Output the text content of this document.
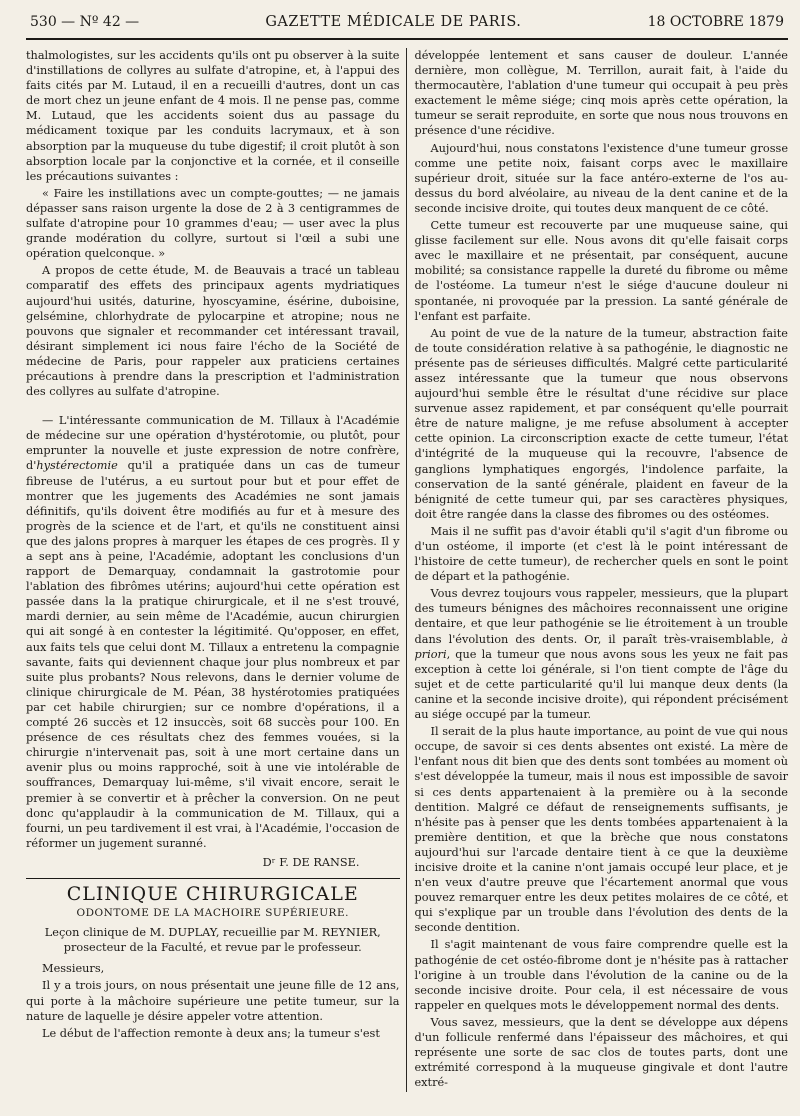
530 — Nº 42 —	GAZETTE MÉDICALE DE PARIS.	18 OCTOBRE 1879

thalmologistes, sur les accidents qu'ils ont pu observer à la suite d'instillations de collyres au sulfate d'atropine, et, à l'appui des faits cités par M. Lutaud, il en a recueilli d'autres, dont un cas de mort chez un jeune enfant de 4 mois. Il ne pense pas, comme M. Lutaud, que les accidents soient dus au passage du médicament toxique par les conduits lacrymaux, et à son absorption par la muqueuse du tube digestif; il croit plutôt à son absorption locale par la conjonctive et la cornée, et il conseille les précautions suivantes :

« Faire les instillations avec un compte-gouttes; — ne jamais dépasser sans raison urgente la dose de 2 à 3 centigrammes de sulfate d'atropine pour 10 grammes d'eau; — user avec la plus grande modération du collyre, surtout si l'œil a subi une opération quelconque. »

A propos de cette étude, M. de Beauvais a tracé un tableau comparatif des effets des principaux agents mydriatiques aujourd'hui usités, daturine, hyoscyamine, ésérine, duboisine, gelsémine, chlorhydrate de pylocarpine et atropine; nous ne pouvons que signaler et recommander cet intéressant travail, désirant simplement ici nous faire l'écho de la Société de médecine de Paris, pour rappeler aux praticiens certaines précautions à prendre dans la prescription et l'administration des collyres au sulfate d'atropine.

— L'intéressante communication de M. Tillaux à l'Académie de médecine sur une opération d'hystérotomie, ou plutôt, pour emprunter la nouvelle et juste expression de notre confrère, d'hystérectomie qu'il a pratiquée dans un cas de tumeur fibreuse de l'utérus, a eu surtout pour but et pour effet de montrer que les jugements des Académies ne sont jamais définitifs, qu'ils doivent être modifiés au fur et à mesure des progrès de la science et de l'art, et qu'ils ne constituent ainsi que des jalons propres à marquer les étapes de ces progrès. Il y a sept ans à peine, l'Académie, adoptant les conclusions d'un rapport de Demarquay, condamnait la gastrotomie pour l'ablation des fibrômes utérins; aujourd'hui cette opération est passée dans la la pratique chirurgicale, et il ne s'est trouvé, mardi dernier, au sein même de l'Académie, aucun chirurgien qui ait songé à en contester la légitimité. Qu'opposer, en effet, aux faits tels que celui dont M. Tillaux a entretenu la compagnie savante, faits qui deviennent chaque jour plus nombreux et par suite plus probants? Nous relevons, dans le dernier volume de clinique chirurgicale de M. Péan, 38 hystérotomies pratiquées par cet habile chirurgien; sur ce nombre d'opérations, il a compté 26 succès et 12 insuccès, soit 68 succès pour 100. En présence de ces résultats chez des femmes vouées, si la chirurgie n'intervenait pas, soit à une mort certaine dans un avenir plus ou moins rapproché, soit à une vie intolérable de souffrances, Demarquay lui-même, s'il vivait encore, serait le premier à se convertir et à prêcher la conversion. On ne peut donc qu'applaudir à la communication de M. Tillaux, qui a fourni, un peu tardivement il est vrai, à l'Académie, l'occasion de réformer un jugement suranné.

Dʳ F. DE RANSE.
CLINIQUE CHIRURGICALE
ODONTOME DE LA MACHOIRE SUPÉRIEURE.
Leçon clinique de M. DUPLAY, recueillie par M. REYNIER, prosecteur de la Faculté, et revue par le professeur.

Messieurs,

Il y a trois jours, on nous présentait une jeune fille de 12 ans, qui porte à la mâchoire supérieure une petite tumeur, sur la nature de laquelle je désire appeler votre attention.

Le début de l'affection remonte à deux ans; la tumeur s'est

développée lentement et sans causer de douleur. L'année dernière, mon collègue, M. Terrillon, aurait fait, à l'aide du thermocautère, l'ablation d'une tumeur qui occupait à peu près exactement le même siége; cinq mois après cette opération, la tumeur se serait reproduite, en sorte que nous nous trouvons en présence d'une récidive.

Aujourd'hui, nous constatons l'existence d'une tumeur grosse comme une petite noix, faisant corps avec le maxillaire supérieur droit, située sur la face antéro-externe de l'os au-dessus du bord alvéolaire, au niveau de la dent canine et de la seconde incisive droite, qui toutes deux manquent de ce côté.

Cette tumeur est recouverte par une muqueuse saine, qui glisse facilement sur elle. Nous avons dit qu'elle faisait corps avec le maxillaire et ne présentait, par conséquent, aucune mobilité; sa consistance rappelle la dureté du fibrome ou même de l'ostéome. La tumeur n'est le siége d'aucune douleur ni spontanée, ni provoquée par la pression. La santé générale de l'enfant est parfaite.

Au point de vue de la nature de la tumeur, abstraction faite de toute considération relative à sa pathogénie, le diagnostic ne présente pas de sérieuses difficultés. Malgré cette particularité assez intéressante que la tumeur que nous observons aujourd'hui semble être le résultat d'une récidive sur place survenue assez rapidement, et par conséquent qu'elle pourrait être de nature maligne, je me refuse absolument à accepter cette opinion. La circonscription exacte de cette tumeur, l'état d'intégrité de la muqueuse qui la recouvre, l'absence de ganglions lymphatiques engorgés, l'indolence parfaite, la conservation de la santé générale, plaident en faveur de la bénignité de cette tumeur qui, par ses caractères physiques, doit être rangée dans la classe des fibromes ou des ostéomes.

Mais il ne suffit pas d'avoir établi qu'il s'agit d'un fibrome ou d'un ostéome, il importe (et c'est là le point intéressant de l'histoire de cette tumeur), de rechercher quels en sont le point de départ et la pathogénie.

Vous devrez toujours vous rappeler, messieurs, que la plupart des tumeurs bénignes des mâchoires reconnaissent une origine dentaire, et que leur pathogénie se lie étroitement à un trouble dans l'évolution des dents. Or, il paraît très-vraisemblable, à priori, que la tumeur que nous avons sous les yeux ne fait pas exception à cette loi générale, si l'on tient compte de l'âge du sujet et de cette particularité qu'il lui manque deux dents (la canine et la seconde incisive droite), qui répondent précisément au siége occupé par la tumeur.

Il serait de la plus haute importance, au point de vue qui nous occupe, de savoir si ces dents absentes ont existé. La mère de l'enfant nous dit bien que des dents sont tombées au moment où s'est développée la tumeur, mais il nous est impossible de savoir si ces dents appartenaient à la première ou à la seconde dentition. Malgré ce défaut de renseignements suffisants, je n'hésite pas à penser que les dents tombées appartenaient à la première dentition, et que la brèche que nous constatons aujourd'hui sur l'arcade dentaire tient à ce que la deuxième incisive droite et la canine n'ont jamais occupé leur place, et je n'en veux d'autre preuve que l'écartement anormal que vous pouvez remarquer entre les deux petites molaires de ce côté, et qui s'explique par un trouble dans l'évolution des dents de la seconde dentition.

Il s'agit maintenant de vous faire comprendre quelle est la pathogénie de cet ostéo-fibrome dont je n'hésite pas à rattacher l'origine à un trouble dans l'évolution de la canine ou de la seconde incisive droite. Pour cela, il est nécessaire de vous rappeler en quelques mots le développement normal des dents.

Vous savez, messieurs, que la dent se développe aux dépens d'un follicule renfermé dans l'épaisseur des mâchoires, et qui représente une sorte de sac clos de toutes parts, dont une extrémité correspond à la muqueuse gingivale et dont l'autre extré-
